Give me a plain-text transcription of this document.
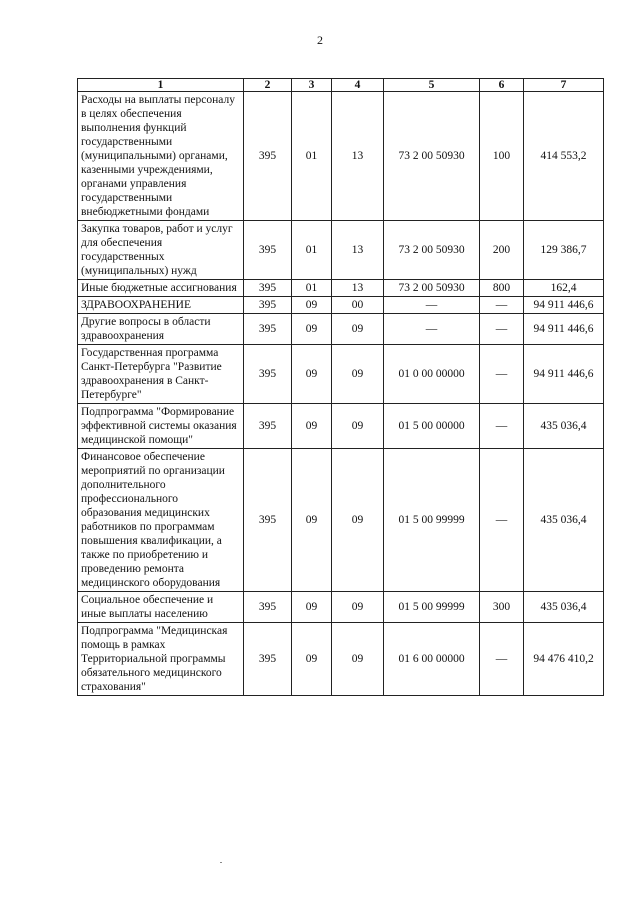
2
1	2	3	4	5	6	7
Расходы на выплаты персоналу в целях обеспечения выполнения функций государственными (муниципальными) органами, казенными учреждениями, органами управления государственными внебюджетными фондами	395	01	13	73 2 00 50930	100	414 553,2
Закупка товаров, работ и услуг для обеспечения государственных (муниципальных) нужд	395	01	13	73 2 00 50930	200	129 386,7
Иные бюджетные ассигнования	395	01	13	73 2 00 50930	800	162,4
ЗДРАВООХРАНЕНИЕ	395	09	00	—	—	94 911 446,6
Другие вопросы в области здравоохранения	395	09	09	—	—	94 911 446,6
Государственная программа Санкт-Петербурга "Развитие здравоохранения в Санкт-Петербурге"	395	09	09	01 0 00 00000	—	94 911 446,6
Подпрограмма "Формирование эффективной системы оказания медицинской помощи"	395	09	09	01 5 00 00000	—	435 036,4
Финансовое обеспечение мероприятий по организации дополнительного профессионального образования медицинских работников по программам повышения квалификации, а также по приобретению и проведению ремонта медицинского оборудования	395	09	09	01 5 00 99999	—	435 036,4
Социальное обеспечение и иные выплаты населению	395	09	09	01 5 00 99999	300	435 036,4
Подпрограмма "Медицинская помощь в рамках Территориальной программы обязательного медицинского страхования"	395	09	09	01 6 00 00000	—	94 476 410,2
